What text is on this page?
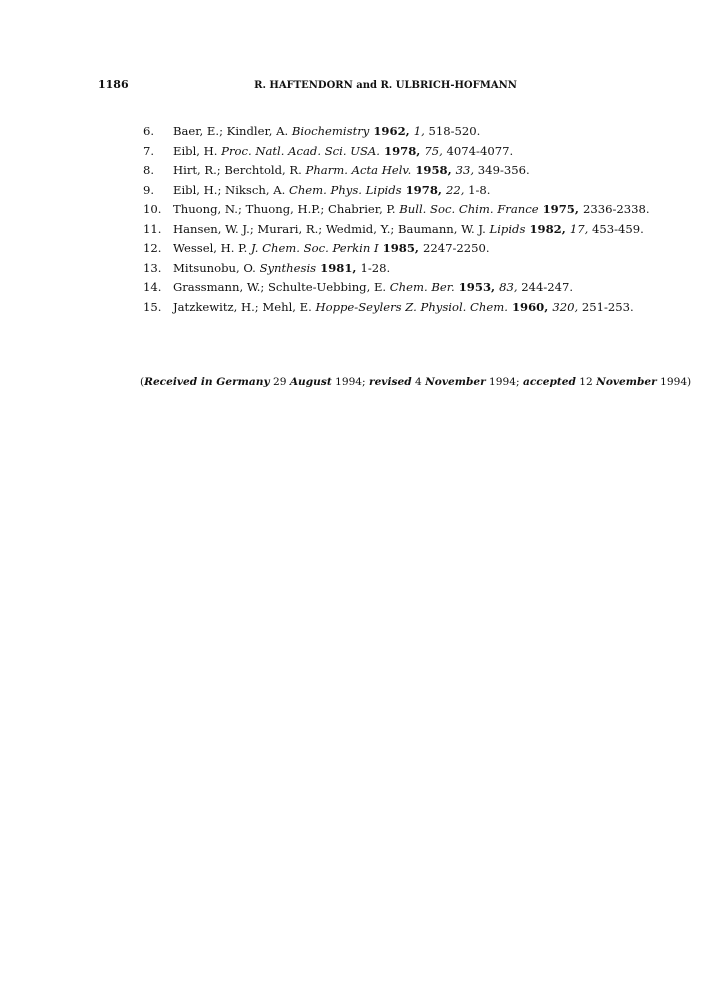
1186	R. HAFTENDORN and R. ULBRICH-HOFMANN
6.	Baer, E.; Kindler, A. Biochemistry 1962, 1, 518-520.
7.	Eibl, H. Proc. Natl. Acad. Sci. USA. 1978, 75, 4074-4077.
8.	Hirt, R.; Berchtold, R. Pharm. Acta Helv. 1958, 33, 349-356.
9.	Eibl, H.; Niksch, A. Chem. Phys. Lipids 1978, 22, 1-8.
10. Thuong, N.; Thuong, H.P.; Chabrier, P. Bull. Soc. Chim. France 1975, 2336-2338.
11. Hansen, W. J.; Murari, R.; Wedmid, Y.; Baumann, W. J. Lipids 1982, 17, 453-459.
12. Wessel, H. P. J. Chem. Soc. Perkin I 1985, 2247-2250.
13. Mitsunobu, O. Synthesis 1981, 1-28.
14. Grassmann, W.; Schulte-Uebbing, E. Chem. Ber. 1953, 83, 244-247.
15. Jatzkewitz, H.; Mehl, E. Hoppe-Seylers Z. Physiol. Chem. 1960, 320, 251-253.
(Received in Germany 29 August 1994; revised 4 November 1994; accepted 12 November 1994)
